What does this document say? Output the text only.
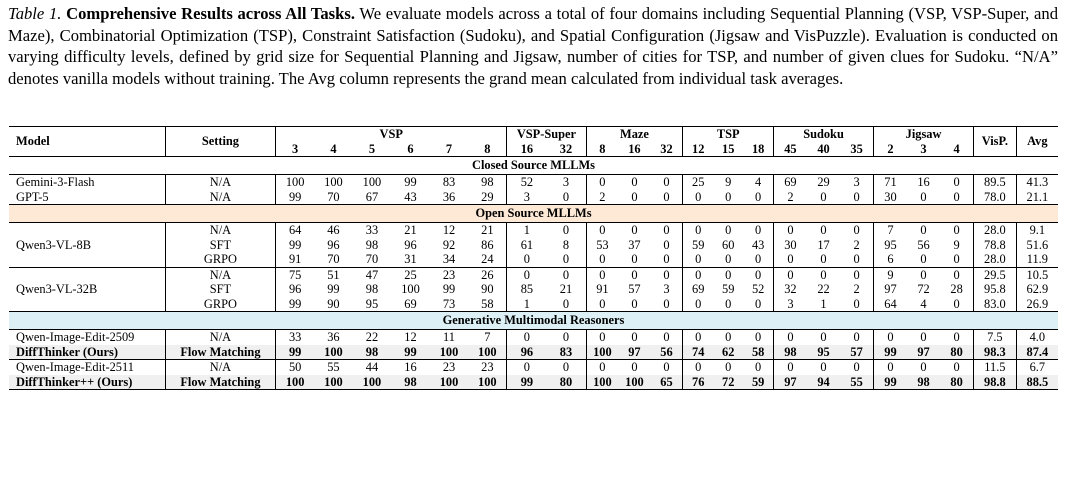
Table 1. Comprehensive Results across All Tasks. We evaluate models across a total of four domains including Sequential Planning (VSP, VSP-Super, and Maze), Combinatorial Optimization (TSP), Constraint Satisfaction (Sudoku), and Spatial Configuration (Jigsaw and VisPuzzle). Evaluation is conducted on varying difficulty levels, defined by grid size for Sequential Planning and Jigsaw, number of cities for TSP, and number of given clues for Sudoku. “N/A” denotes vanilla models without training. The Avg column represents the grand mean calculated from individual task averages.
Model	Setting	VSP						VSP-Super		Maze			TSP			Sudoku			Jigsaw			VisP.	Avg
		3	4	5	6	7	8	16	32	8	16	32	12	15	18	45	40	35	2	3	4		
Closed Source MLLMs																							
Gemini-3-Flash	N/A	100	100	100	99	83	98	52	3	0	0	0	25	9	4	69	29	3	71	16	0	89.5	41.3
GPT-5	N/A	99	70	67	43	36	29	3	0	2	0	0	0	0	0	2	0	0	30	0	0	78.0	21.1
Open Source MLLMs																							
	N/A	64	46	33	21	12	21	1	0	0	0	0	0	0	0	0	0	0	7	0	0	28.0	9.1
Qwen3-VL-8B	SFT	99	96	98	96	92	86	61	8	53	37	0	59	60	43	30	17	2	95	56	9	78.8	51.6
	GRPO	91	70	70	31	34	24	0	0	0	0	0	0	0	0	0	0	0	6	0	0	28.0	11.9
	N/A	75	51	47	25	23	26	0	0	0	0	0	0	0	0	0	0	0	9	0	0	29.5	10.5
Qwen3-VL-32B	SFT	96	99	98	100	99	90	85	21	91	57	3	69	59	52	32	22	2	97	72	28	95.8	62.9
	GRPO	99	90	95	69	73	58	1	0	0	0	0	0	0	0	3	1	0	64	4	0	83.0	26.9
Generative Multimodal Reasoners																							
Qwen-Image-Edit-2509	N/A	33	36	22	12	11	7	0	0	0	0	0	0	0	0	0	0	0	0	0	0	7.5	4.0
DiffThinker (Ours)	Flow Matching	99	100	98	99	100	100	96	83	100	97	56	74	62	58	98	95	57	99	97	80	98.3	87.4
Qwen-Image-Edit-2511	N/A	50	55	44	16	23	23	0	0	0	0	0	0	0	0	0	0	0	0	0	0	11.5	6.7
DiffThinker++ (Ours)	Flow Matching	100	100	100	98	100	100	99	80	100	100	65	76	72	59	97	94	55	99	98	80	98.8	88.5
